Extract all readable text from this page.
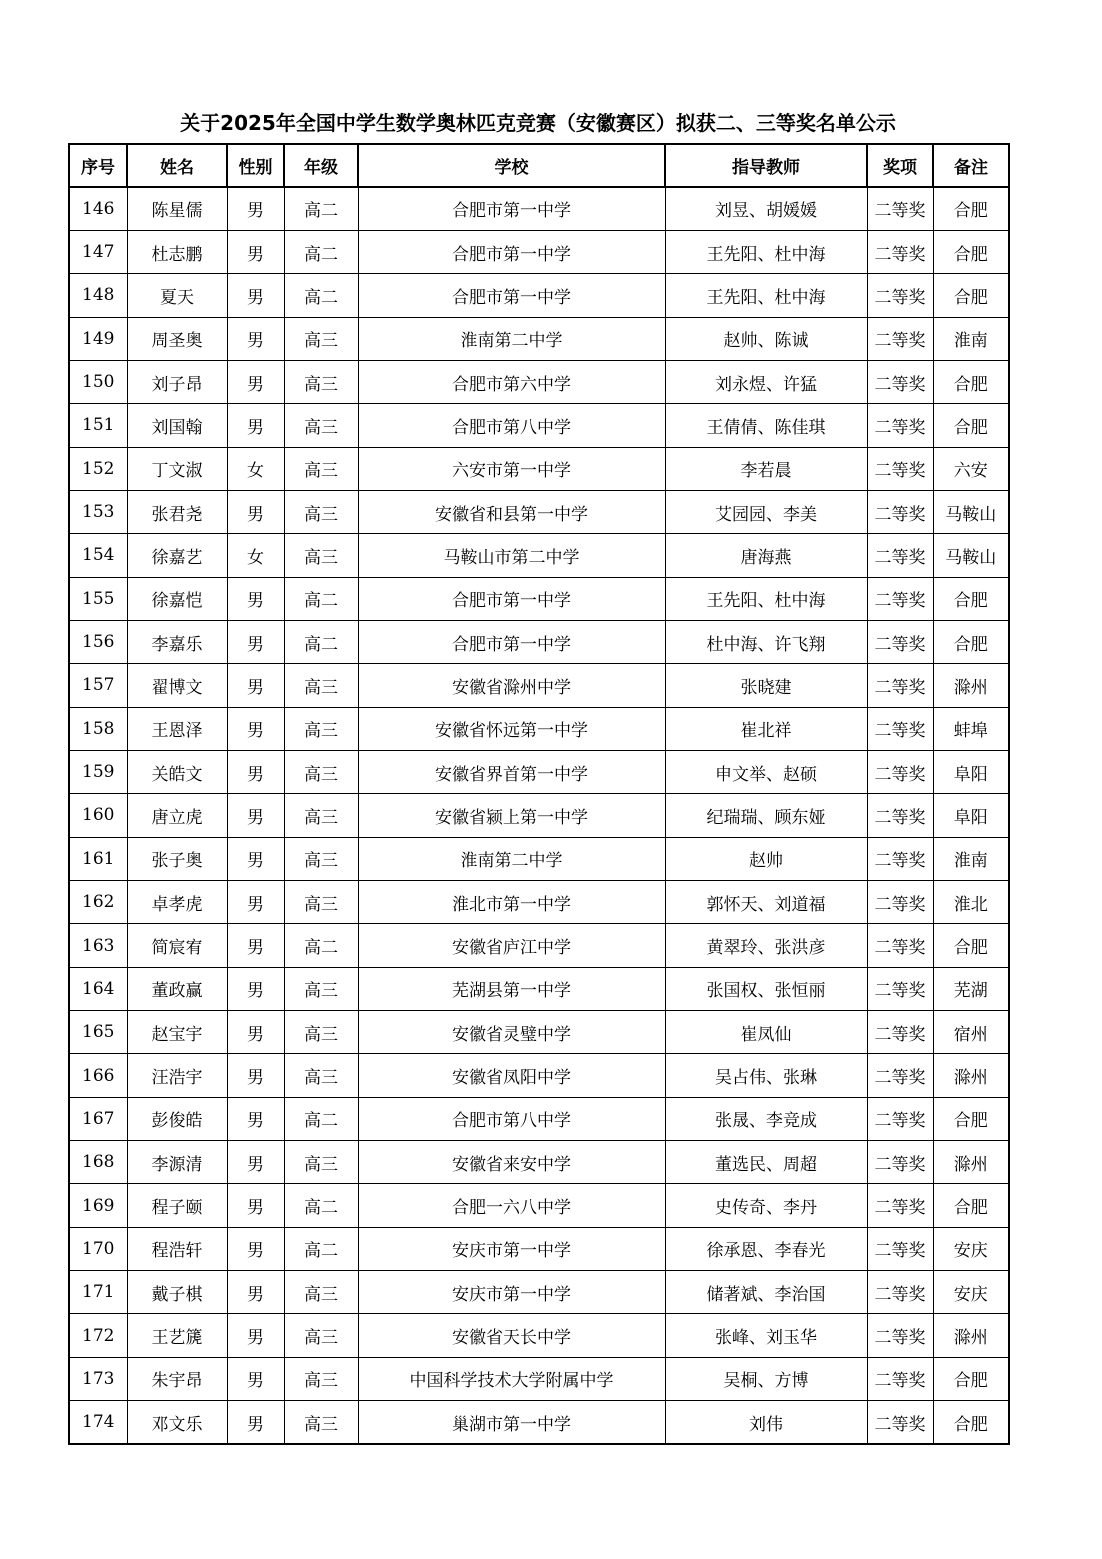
关于2025年全国中学生数学奥林匹克竞赛（安徽赛区）拟获二、三等奖名单公示
序号	姓名	性别	年级	学校	指导教师	奖项	备注
146	陈星儒	男	高二	合肥市第一中学	刘昱、胡媛媛	二等奖	合肥
147	杜志鹏	男	高二	合肥市第一中学	王先阳、杜中海	二等奖	合肥
148	夏天	男	高二	合肥市第一中学	王先阳、杜中海	二等奖	合肥
149	周圣奥	男	高三	淮南第二中学	赵帅、陈诚	二等奖	淮南
150	刘子昂	男	高三	合肥市第六中学	刘永煜、许猛	二等奖	合肥
151	刘国翰	男	高三	合肥市第八中学	王倩倩、陈佳琪	二等奖	合肥
152	丁文淑	女	高三	六安市第一中学	李若晨	二等奖	六安
153	张君尧	男	高三	安徽省和县第一中学	艾园园、李美	二等奖	马鞍山
154	徐嘉艺	女	高三	马鞍山市第二中学	唐海燕	二等奖	马鞍山
155	徐嘉恺	男	高二	合肥市第一中学	王先阳、杜中海	二等奖	合肥
156	李嘉乐	男	高二	合肥市第一中学	杜中海、许飞翔	二等奖	合肥
157	翟博文	男	高三	安徽省滁州中学	张晓建	二等奖	滁州
158	王恩泽	男	高三	安徽省怀远第一中学	崔北祥	二等奖	蚌埠
159	关皓文	男	高三	安徽省界首第一中学	申文举、赵硕	二等奖	阜阳
160	唐立虎	男	高三	安徽省颍上第一中学	纪瑞瑞、顾东娅	二等奖	阜阳
161	张子奥	男	高三	淮南第二中学	赵帅	二等奖	淮南
162	卓孝虎	男	高三	淮北市第一中学	郭怀天、刘道福	二等奖	淮北
163	简宸宥	男	高二	安徽省庐江中学	黄翠玲、张洪彦	二等奖	合肥
164	董政赢	男	高三	芜湖县第一中学	张国权、张恒丽	二等奖	芜湖
165	赵宝宇	男	高三	安徽省灵璧中学	崔凤仙	二等奖	宿州
166	汪浩宇	男	高三	安徽省凤阳中学	吴占伟、张琳	二等奖	滁州
167	彭俊皓	男	高二	合肥市第八中学	张晟、李竞成	二等奖	合肥
168	李源清	男	高三	安徽省来安中学	董选民、周超	二等奖	滁州
169	程子颐	男	高二	合肥一六八中学	史传奇、李丹	二等奖	合肥
170	程浩轩	男	高二	安庆市第一中学	徐承恩、李春光	二等奖	安庆
171	戴子棋	男	高三	安庆市第一中学	储著斌、李治国	二等奖	安庆
172	王艺篪	男	高三	安徽省天长中学	张峰、刘玉华	二等奖	滁州
173	朱宇昂	男	高三	中国科学技术大学附属中学	吴桐、方博	二等奖	合肥
174	邓文乐	男	高三	巢湖市第一中学	刘伟	二等奖	合肥
